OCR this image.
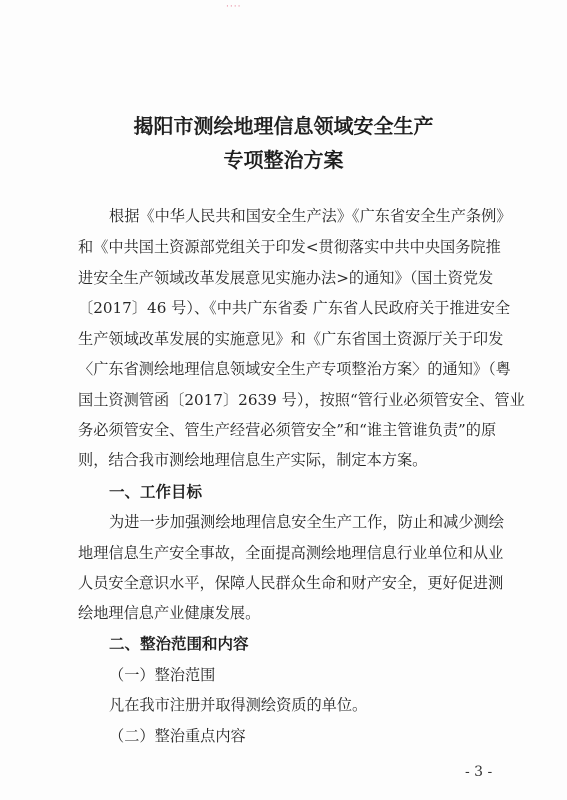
····
揭阳市测绘地理信息领域安全生产
专项整治方案
根据《中华人民共和国安全生产法》《广东省安全生产条例》
和《中共国土资源部党组关于印发<贯彻落实中共中央国务院推
进安全生产领域改革发展意见实施办法>的通知》（国土资党发
〔2017〕46 号）、《中共广东省委 广东省人民政府关于推进安全
生产领域改革发展的实施意见》和《广东省国土资源厅关于印发
〈广东省测绘地理信息领域安全生产专项整治方案〉的通知》（粤
国土资测管函〔2017〕2639 号），按照“管行业必须管安全、管业
务必须管安全、管生产经营必须管安全”和“谁主管谁负责”的原
则，结合我市测绘地理信息生产实际，制定本方案。
一、工作目标
为进一步加强测绘地理信息安全生产工作，防止和减少测绘
地理信息生产安全事故，全面提高测绘地理信息行业单位和从业
人员安全意识水平，保障人民群众生命和财产安全，更好促进测
绘地理信息产业健康发展。
二、整治范围和内容
（一）整治范围
凡在我市注册并取得测绘资质的单位。
（二）整治重点内容
- 3 -
